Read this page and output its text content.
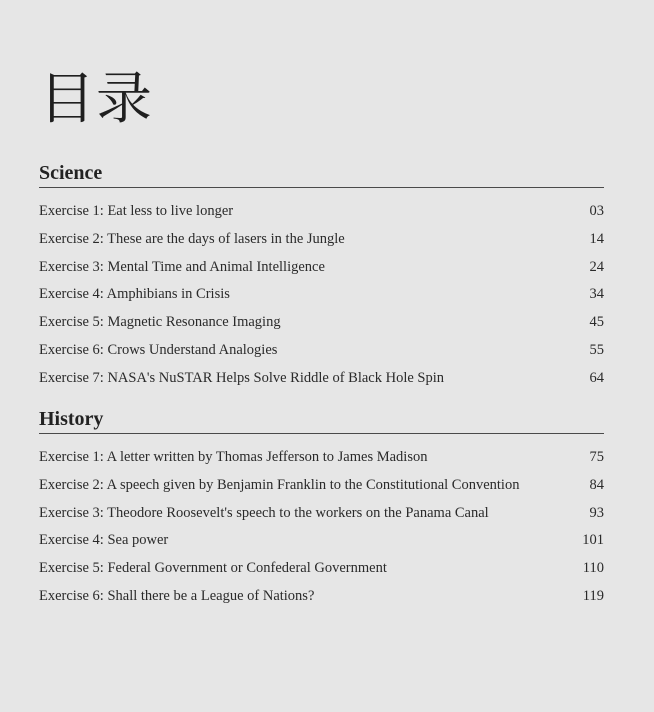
目录
Science
Exercise 1: Eat less to live longer	03
Exercise 2: These are the days of lasers in the Jungle	14
Exercise 3: Mental Time and Animal Intelligence	24
Exercise 4: Amphibians in Crisis	34
Exercise 5: Magnetic Resonance Imaging	45
Exercise 6: Crows Understand Analogies	55
Exercise 7: NASA's NuSTAR Helps Solve Riddle of Black Hole Spin	64
History
Exercise 1: A letter written by Thomas Jefferson to James Madison	75
Exercise 2: A speech given by Benjamin Franklin to the Constitutional Convention	84
Exercise 3: Theodore Roosevelt's speech to the workers on the Panama Canal	93
Exercise 4: Sea power	101
Exercise 5: Federal Government or Confederal Government	110
Exercise 6: Shall there be a League of Nations?	119
